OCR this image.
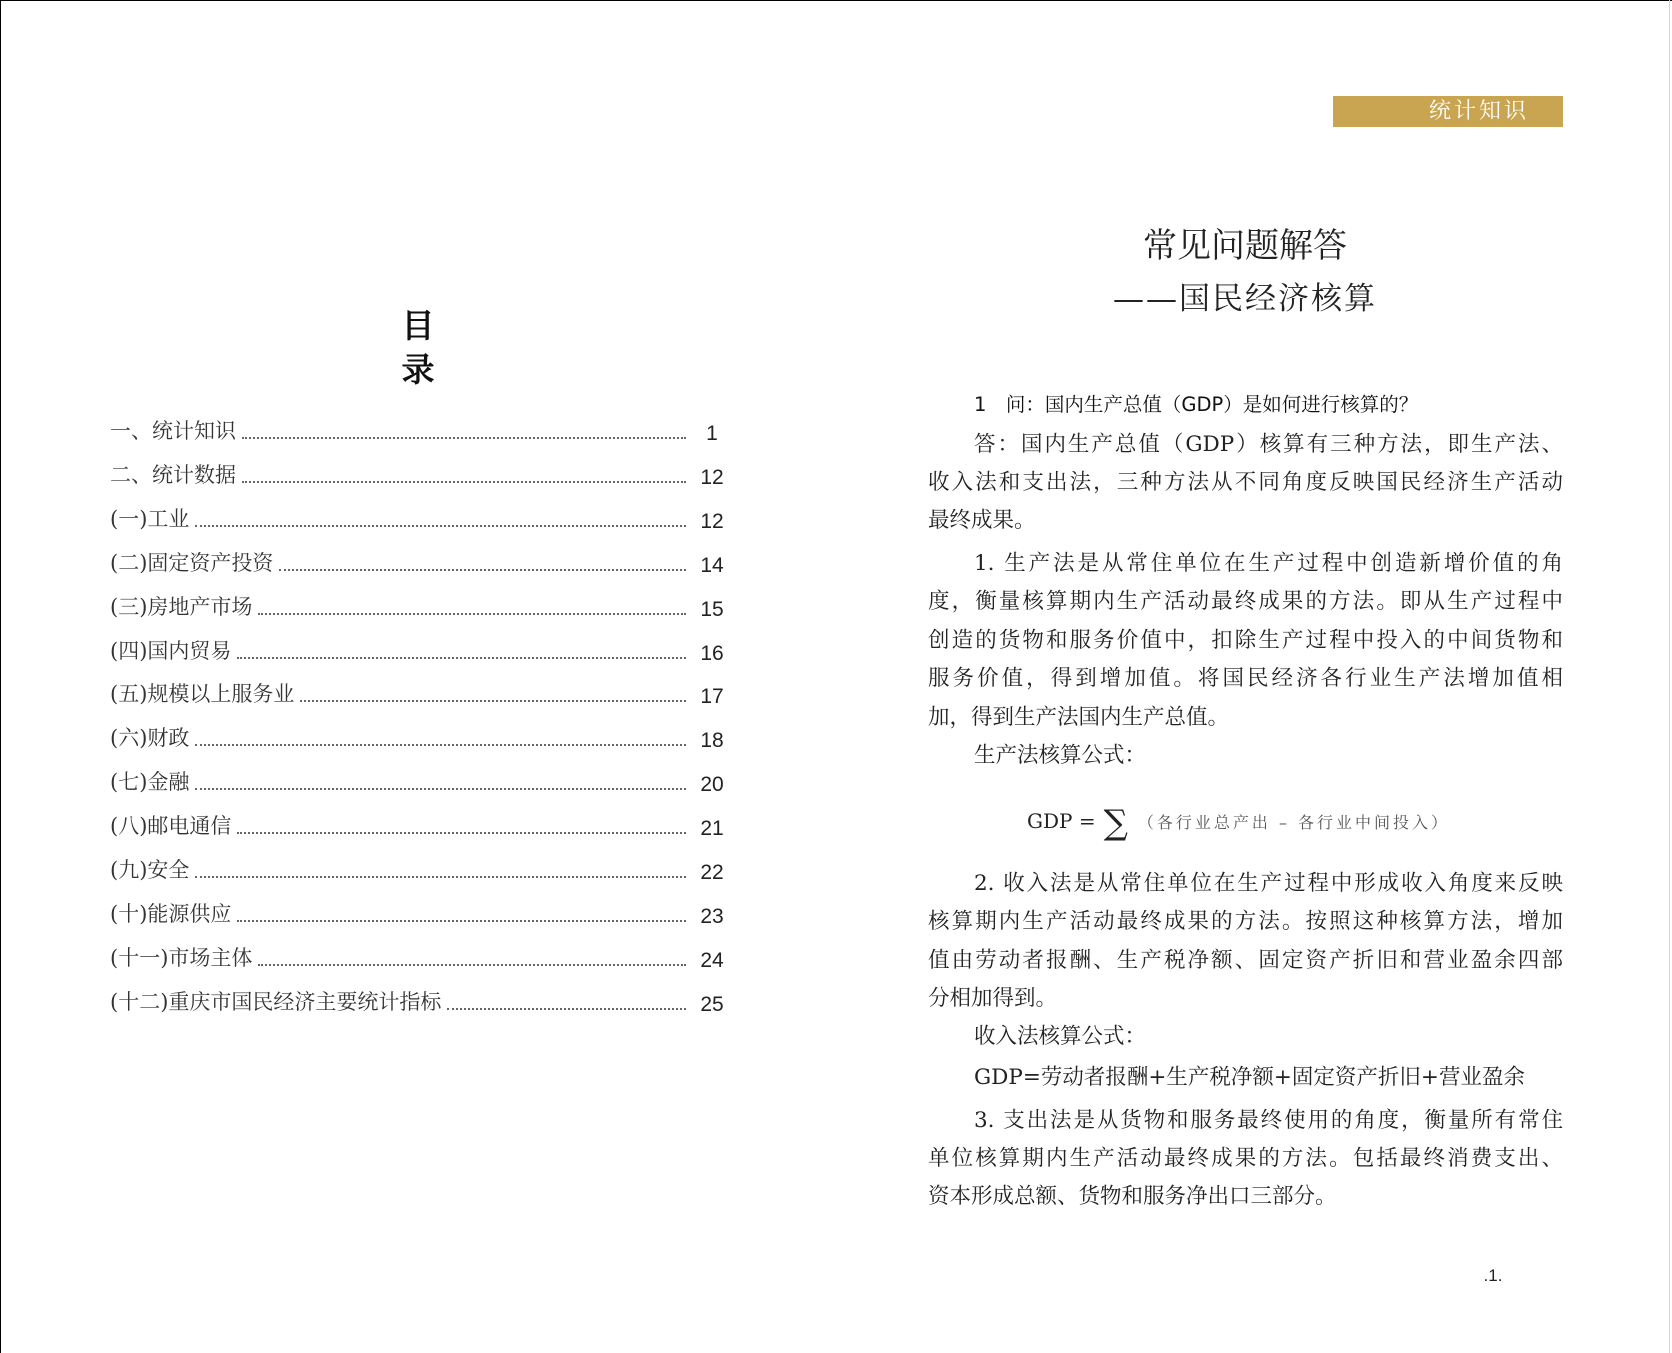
目录
一、统计知识	1
二、统计数据	12
(一)工业	12
(二)固定资产投资	14
(三)房地产市场	15
(四)国内贸易	16
(五)规模以上服务业	17
(六)财政	18
(七)金融	20
(八)邮电通信	21
(九)安全	22
(十)能源供应	23
(十一)市场主体	24
(十二)重庆市国民经济主要统计指标	25
统计知识
常见问题解答
——国民经济核算
1　问：国内生产总值（GDP）是如何进行核算的？
答：国内生产总值（GDP）核算有三种方法，即生产法、
收入法和支出法，三种方法从不同角度反映国民经济生产活动
最终成果。
1. 生产法是从常住单位在生产过程中创造新增价值的角
度，衡量核算期内生产活动最终成果的方法。即从生产过程中
创造的货物和服务价值中，扣除生产过程中投入的中间货物和
服务价值，得到增加值。将国民经济各行业生产法增加值相
加，得到生产法国内生产总值。
生产法核算公式：
GDP = ∑ （各行业总产出 – 各行业中间投入）
2. 收入法是从常住单位在生产过程中形成收入角度来反映
核算期内生产活动最终成果的方法。按照这种核算方法，增加
值由劳动者报酬、生产税净额、固定资产折旧和营业盈余四部
分相加得到。
收入法核算公式：
GDP=劳动者报酬+生产税净额+固定资产折旧+营业盈余
3. 支出法是从货物和服务最终使用的角度，衡量所有常住
单位核算期内生产活动最终成果的方法。包括最终消费支出、
资本形成总额、货物和服务净出口三部分。
.1.
